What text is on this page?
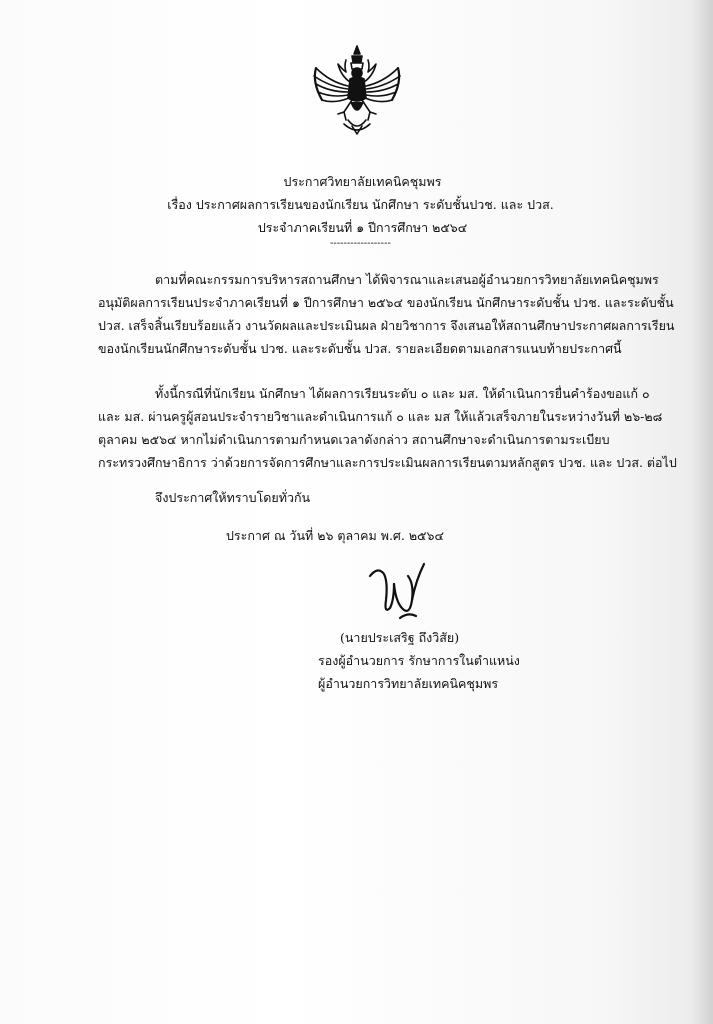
ประกาศวิทยาลัยเทคนิคชุมพร
เรื่อง ประกาศผลการเรียนของนักเรียน นักศึกษา ระดับชั้นปวช. และ ปวส.
ประจำภาคเรียนที่ ๑ ปีการศึกษา ๒๕๖๔
------------------
ตามที่คณะกรรมการบริหารสถานศึกษา ได้พิจารณาและเสนอผู้อำนวยการวิทยาลัยเทคนิคชุมพร
อนุมัติผลการเรียนประจำภาคเรียนที่ ๑ ปีการศึกษา ๒๕๖๔ ของนักเรียน นักศึกษาระดับชั้น ปวช. และระดับชั้น
ปวส. เสร็จสิ้นเรียบร้อยแล้ว งานวัดผลและประเมินผล ฝ่ายวิชาการ จึงเสนอให้สถานศึกษาประกาศผลการเรียน
ของนักเรียนนักศึกษาระดับชั้น ปวช. และระดับชั้น ปวส. รายละเอียดตามเอกสารแนบท้ายประกาศนี้
ทั้งนี้กรณีที่นักเรียน นักศึกษา ได้ผลการเรียนระดับ ๐ และ มส. ให้ดำเนินการยื่นคำร้องขอแก้ ๐
และ มส. ผ่านครูผู้สอนประจำรายวิชาและดำเนินการแก้ ๐ และ มส ให้แล้วเสร็จภายในระหว่างวันที่ ๒๖-๒๘
ตุลาคม ๒๕๖๔ หากไม่ดำเนินการตามกำหนดเวลาดังกล่าว สถานศึกษาจะดำเนินการตามระเบียบ
กระทรวงศึกษาธิการ ว่าด้วยการจัดการศึกษาและการประเมินผลการเรียนตามหลักสูตร ปวช. และ ปวส. ต่อไป
จึงประกาศให้ทราบโดยทั่วกัน
ประกาศ ณ วันที่ ๒๖ ตุลาคม พ.ศ. ๒๕๖๔
(นายประเสริฐ ถึงวิสัย)
รองผู้อำนวยการ รักษาการในตำแหน่ง
ผู้อำนวยการวิทยาลัยเทคนิคชุมพร
